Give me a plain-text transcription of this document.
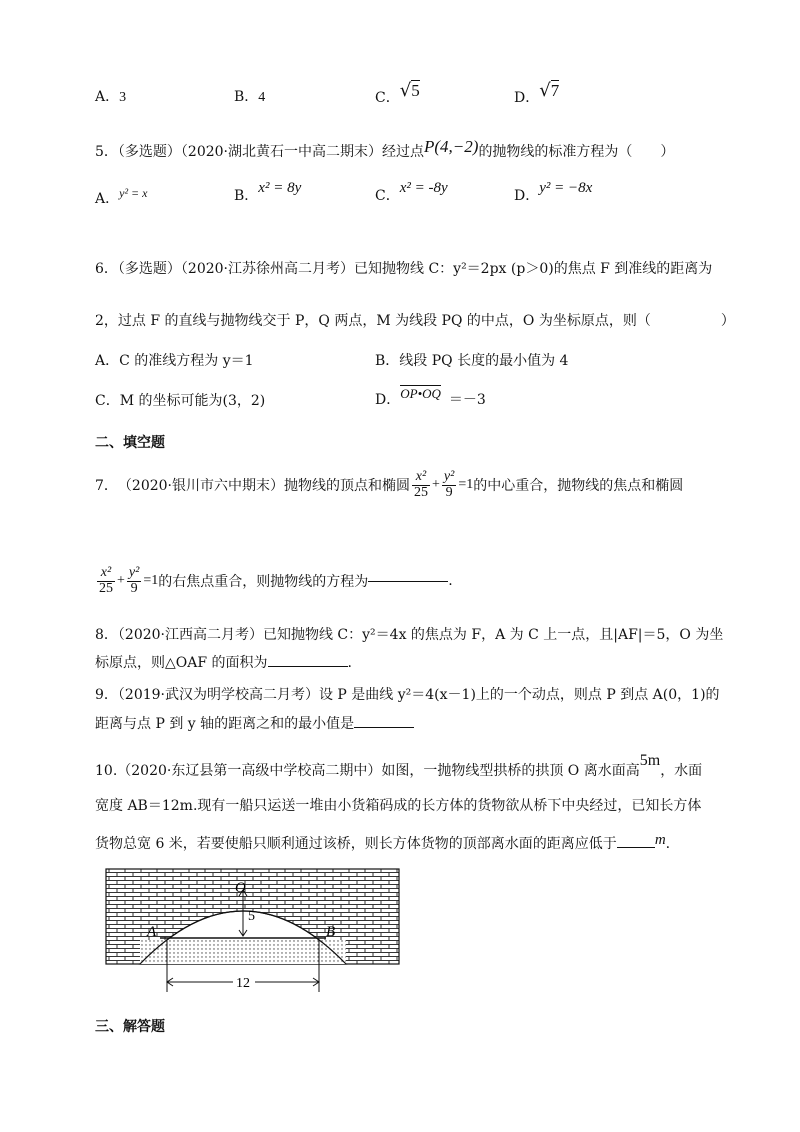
A．3	B．4	C．√5	D．√7
5．（多选题）（2020·湖北黄石一中高二期末）经过点P(4,−2)的抛物线的标准方程为（　　）
A．y² = x	B．x² = 8y	C．x² = -8y	D．y² = −8x
6．（多选题）（2020·江苏徐州高二月考）已知抛物线 C：y²＝2px (p＞0)的焦点 F 到准线的距离为
2，过点 F 的直线与抛物线交于 P，Q 两点，M 为线段 PQ 的中点，O 为坐标原点，则（　　　　　）
A．C 的准线方程为 y＝1	B．线段 PQ 长度的最小值为 4
C．M 的坐标可能为(3，2)	D．OP•OQ ＝－3
二、填空题
7． （2020·银川市六中期末）抛物线的顶点和椭圆 $\frac{\text{x²}}{25} + \frac{\text{y²}}{9} =1$ 的中心重合，抛物线的焦点和椭圆
$\frac{\text{x²}}{25} + \frac{\text{y²}}{9} =1$ 的右焦点重合，则抛物线的方程为	.
8．（2020·江西高二月考）已知抛物线 C：y²＝4x 的焦点为 F，A 为 C 上一点，且|AF|＝5，O 为坐
标原点，则△OAF 的面积为	.
9．（2019·武汉为明学校高二月考）设 P 是曲线 y²＝4(x－1)上的一个动点，则点 P 到点 A(0，1)的
距离与点 P 到 y 轴的距离之和的最小值是
10.（2020·东辽县第一高级中学校高二期中）如图，一抛物线型拱桥的拱顶 O 离水面高5m，水面
宽度 AB＝12m.现有一船只运送一堆由小货箱码成的长方体的货物欲从桥下中央经过，已知长方体
货物总宽 6 米，若要使船只顺利通过该桥，则长方体货物的顶部离水面的距离应低于	m.
O
A	B
5
12
三、解答题
